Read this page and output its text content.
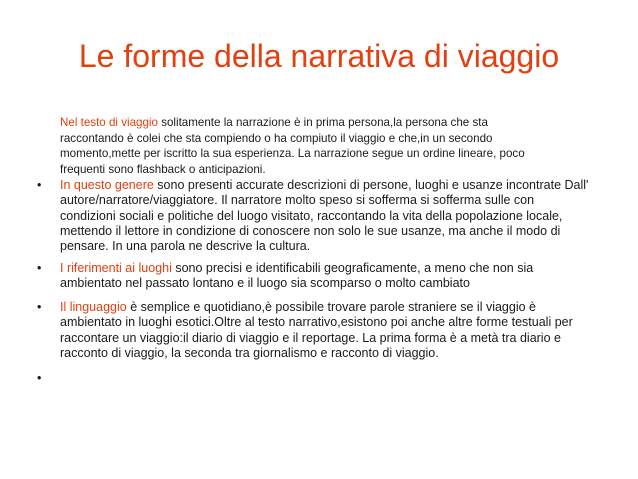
Le forme della narrativa di viaggio
Nel testo di viaggio solitamente la narrazione è in prima persona,la persona che sta
raccontando è colei che sta compiendo o ha compiuto il viaggio e che,in un secondo
momento,mette per iscritto la sua esperienza. La narrazione segue un ordine lineare, poco
frequenti sono flashback o anticipazioni.
• In questo genere sono presenti accurate descrizioni di persone, luoghi e usanze incontrate Dall'
autore/narratore/viaggiatore. Il narratore molto speso si sofferma si sofferma sulle con
condizioni sociali e politiche del luogo visitato, raccontando la vita della popolazione locale,
mettendo il lettore in condizione di conoscere non solo le sue usanze, ma anche il modo di
pensare. In una parola ne descrive la cultura.
• I riferimenti ai luoghi sono precisi e identificabili geograficamente, a meno che non sia
ambientato nel passato lontano e il luogo sia scomparso o molto cambiato
• Il linguaggio è semplice e quotidiano,è possibile trovare parole straniere se il viaggio è
ambientato in luoghi esotici.Oltre al testo narrativo,esistono poi anche altre forme testuali per
raccontare un viaggio:il diario di viaggio e il reportage. La prima forma è a metà tra diario e
racconto di viaggio, la seconda tra giornalismo e racconto di viaggio.
•
